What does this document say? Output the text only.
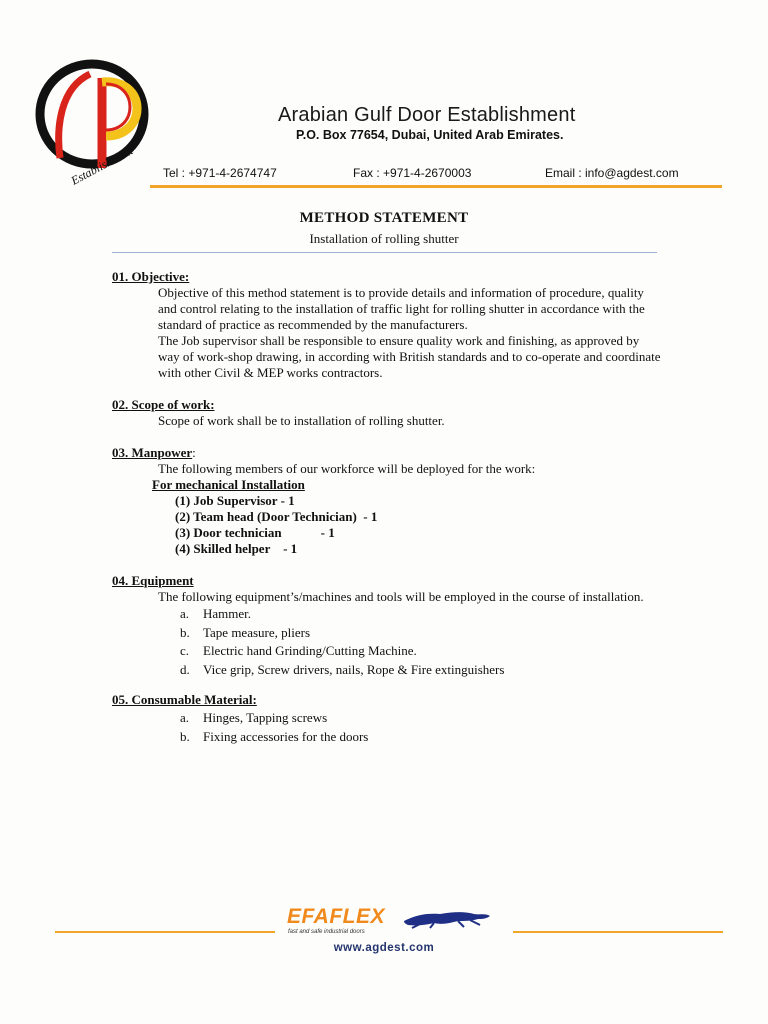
Establishment
Arabian Gulf Door Establishment
P.O. Box 77654, Dubai, United Arab Emirates.
Tel : +971-4-2674747	Fax : +971-4-2670003	Email : info@agdest.com
METHOD STATEMENT
Installation of rolling shutter
01. Objective:
Objective of this method statement is to provide details and information of procedure, quality and control relating to the installation of traffic light for rolling shutter in accordance with the standard of practice as recommended by the manufacturers.
The Job supervisor shall be responsible to ensure quality work and finishing, as approved by way of work-shop drawing, in according with British standards and to co-operate and coordinate with other Civil & MEP works contractors.
02. Scope of work:
Scope of work shall be to installation of rolling shutter.
03. Manpower:
The following members of our workforce will be deployed for the work:
For mechanical Installation
(1) Job Supervisor - 1
(2) Team head (Door Technician)  - 1
(3) Door technician            - 1
(4) Skilled helper    - 1
04. Equipment
The following equipment’s/machines and tools will be employed in the course of installation.
a.	Hammer.
b.	Tape measure, pliers
c.	Electric hand Grinding/Cutting Machine.
d.	Vice grip, Screw drivers, nails, Rope & Fire extinguishers
05. Consumable Material:
a.	Hinges, Tapping screws
b.	Fixing accessories for the doors
EFAFLEX
fast and safe industrial doors
www.agdest.com
